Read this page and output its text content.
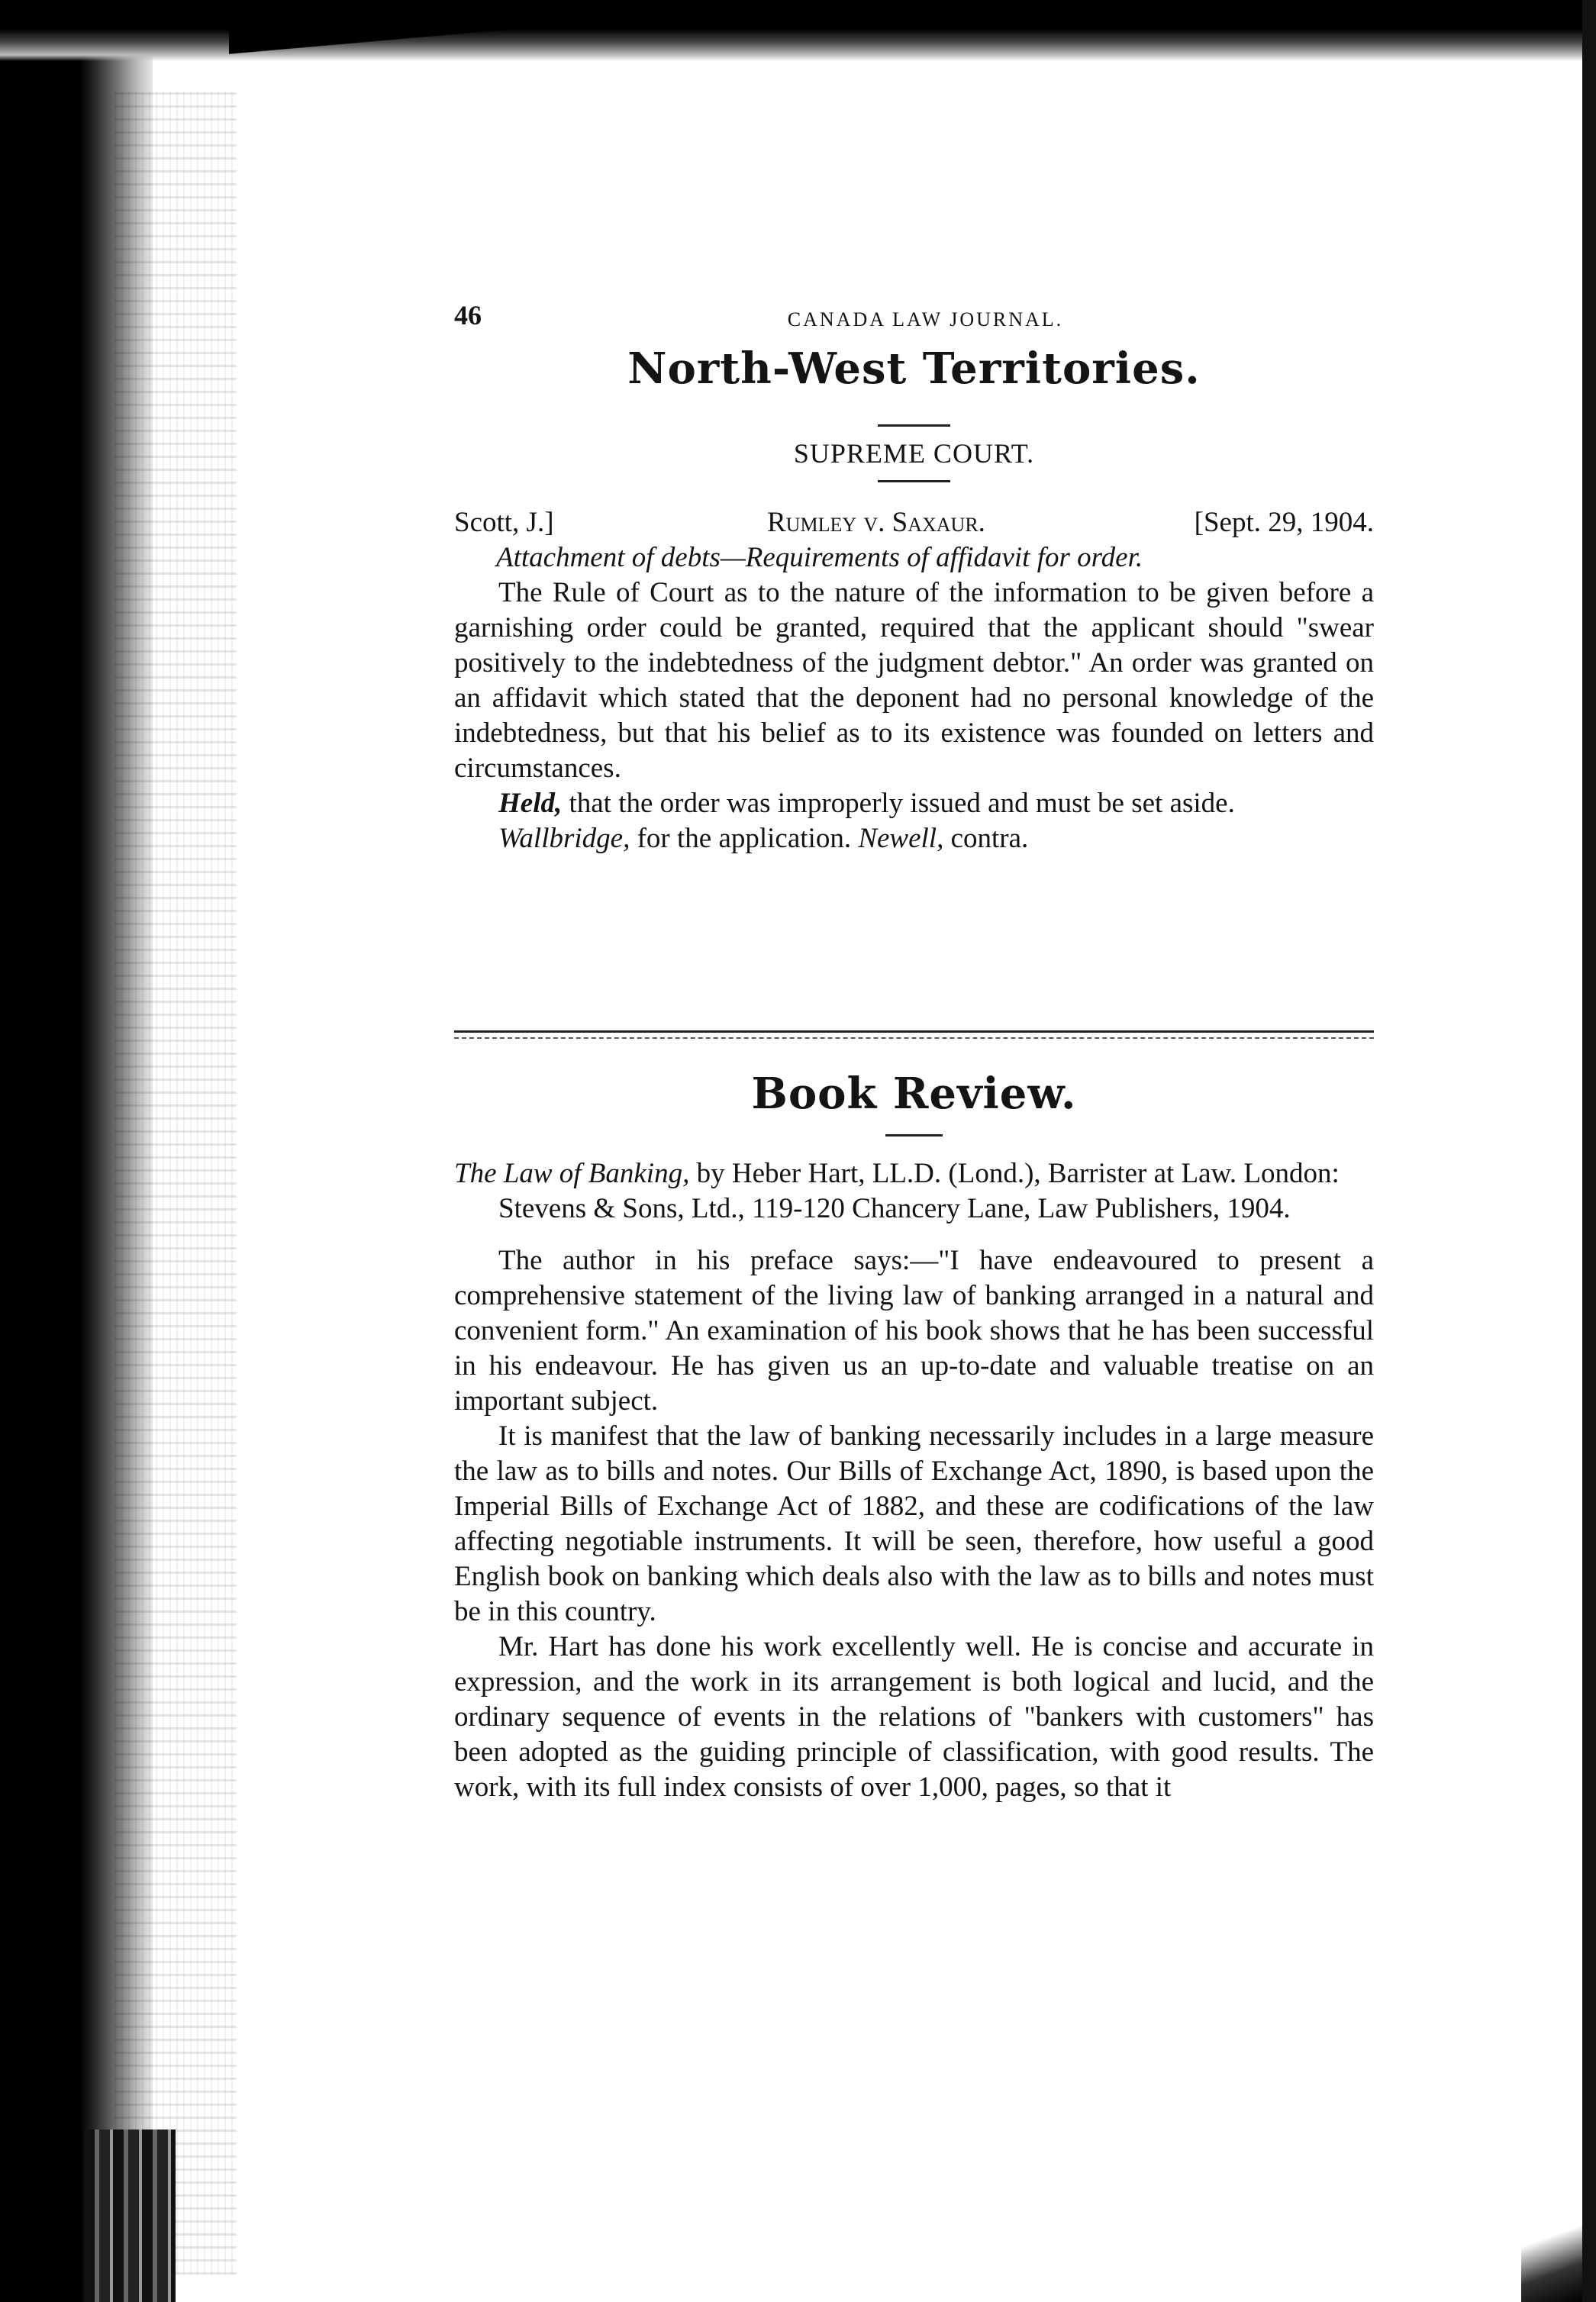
46	CANADA LAW JOURNAL.
North-West Territories.
SUPREME COURT.
Scott, J.]	Rumley v. Saxaur.	[Sept. 29, 1904.

Attachment of debts—Requirements of affidavit for order.

The Rule of Court as to the nature of the information to be given before a garnishing order could be granted, required that the applicant should "swear positively to the indebtedness of the judgment debtor." An order was granted on an affidavit which stated that the deponent had no personal knowledge of the indebtedness, but that his belief as to its existence was founded on letters and circumstances.

Held, that the order was improperly issued and must be set aside.

Wallbridge, for the application. Newell, contra.

Book Review.

The Law of Banking, by Heber Hart, LL.D. (Lond.), Barrister at Law. London: Stevens & Sons, Ltd., 119-120 Chancery Lane, Law Publishers, 1904.

The author in his preface says:—"I have endeavoured to present a comprehensive statement of the living law of banking arranged in a natural and convenient form." An examination of his book shows that he has been successful in his endeavour. He has given us an up-to-date and valuable treatise on an important subject.

It is manifest that the law of banking necessarily includes in a large measure the law as to bills and notes. Our Bills of Exchange Act, 1890, is based upon the Imperial Bills of Exchange Act of 1882, and these are codifications of the law affecting negotiable instruments. It will be seen, therefore, how useful a good English book on banking which deals also with the law as to bills and notes must be in this country.

Mr. Hart has done his work excellently well. He is concise and accurate in expression, and the work in its arrangement is both logical and lucid, and the ordinary sequence of events in the relations of "bankers with customers" has been adopted as the guiding principle of classification, with good results. The work, with its full index consists of over 1,000, pages, so that it
